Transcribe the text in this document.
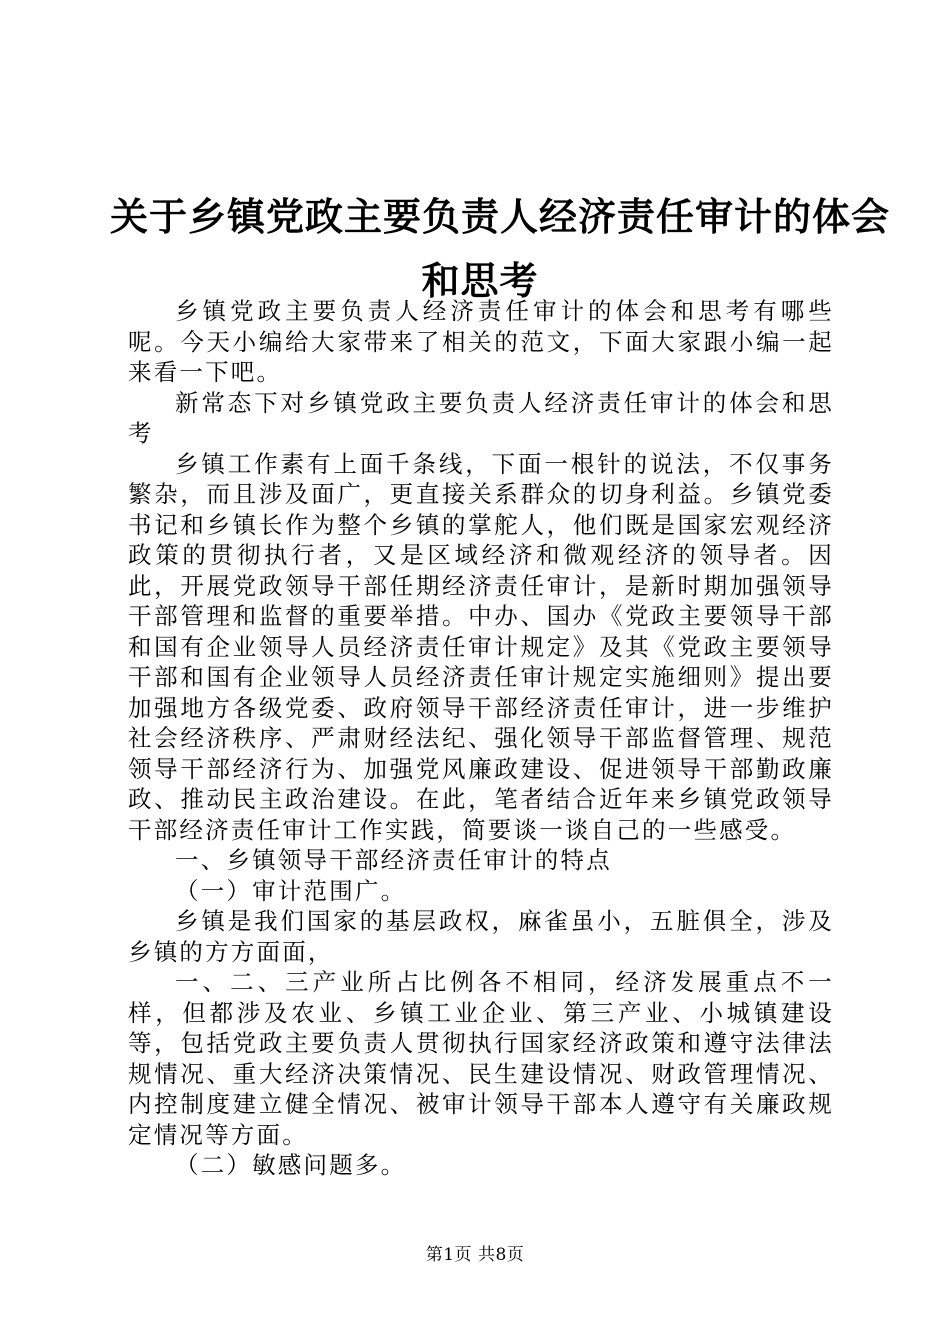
关于乡镇党政主要负责人经济责任审计的体会
和思考

乡镇党政主要负责人经济责任审计的体会和思考有哪些呢。今天小编给大家带来了相关的范文，下面大家跟小编一起来看一下吧。

新常态下对乡镇党政主要负责人经济责任审计的体会和思考

乡镇工作素有上面千条线，下面一根针的说法，不仅事务繁杂，而且涉及面广，更直接关系群众的切身利益。乡镇党委书记和乡镇长作为整个乡镇的掌舵人，他们既是国家宏观经济政策的贯彻执行者，又是区域经济和微观经济的领导者。因此，开展党政领导干部任期经济责任审计，是新时期加强领导干部管理和监督的重要举措。中办、国办《党政主要领导干部和国有企业领导人员经济责任审计规定》及其《党政主要领导干部和国有企业领导人员经济责任审计规定实施细则》提出要加强地方各级党委、政府领导干部经济责任审计，进一步维护社会经济秩序、严肃财经法纪、强化领导干部监督管理、规范领导干部经济行为、加强党风廉政建设、促进领导干部勤政廉政、推动民主政治建设。在此，笔者结合近年来乡镇党政领导干部经济责任审计工作实践，简要谈一谈自己的一些感受。

一、乡镇领导干部经济责任审计的特点

（一）审计范围广。

乡镇是我们国家的基层政权，麻雀虽小，五脏俱全，涉及乡镇的方方面面，

一、二、三产业所占比例各不相同，经济发展重点不一样，但都涉及农业、乡镇工业企业、第三产业、小城镇建设等，包括党政主要负责人贯彻执行国家经济政策和遵守法律法规情况、重大经济决策情况、民生建设情况、财政管理情况、内控制度建立健全情况、被审计领导干部本人遵守有关廉政规定情况等方面。

（二）敏感问题多。

第1页 共8页
